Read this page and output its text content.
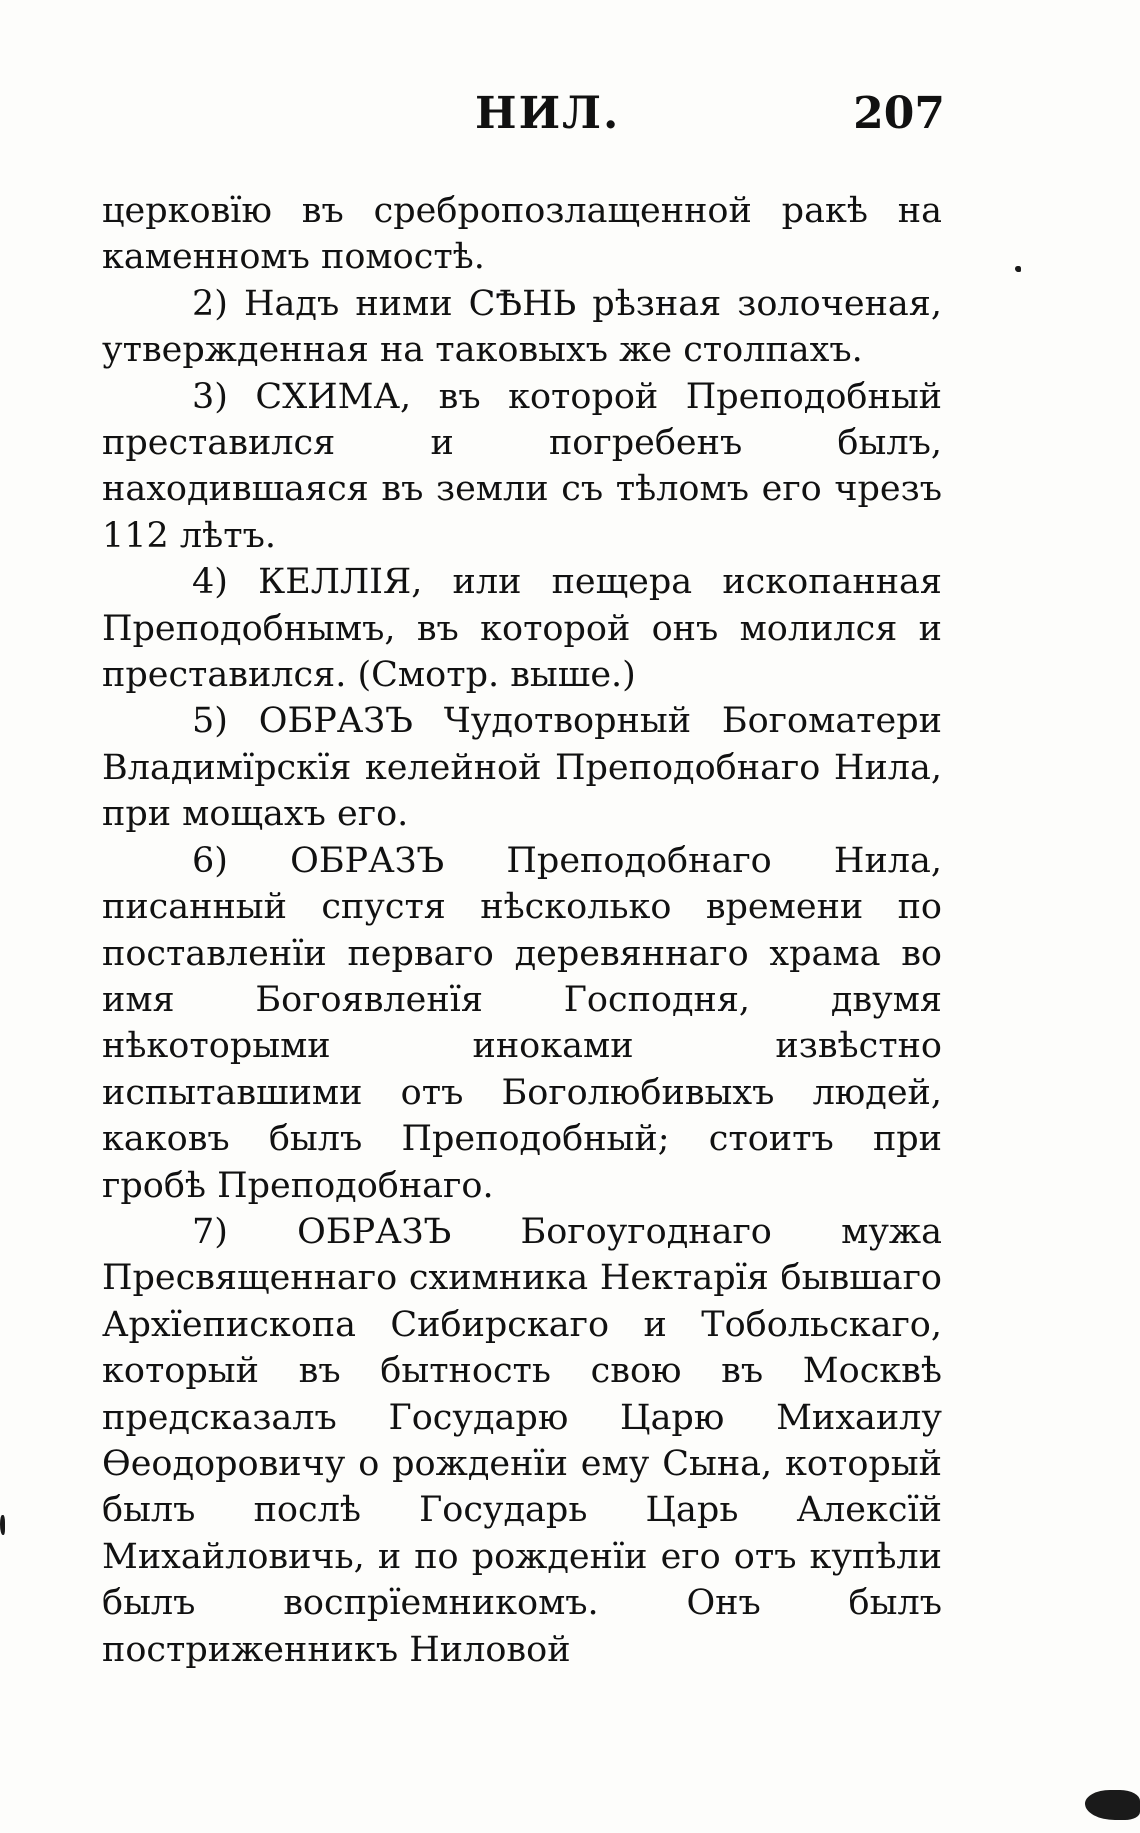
НИЛ.	207

церковïю въ сребропозлащенной ракѣ на каменномъ помостѣ.

2) Надъ ними СѢНЬ рѣзная золоченая, утвержденная на таковыхъ же столпахъ.

3) СХИМА, въ которой Преподобный преставился и погребенъ былъ, находившаяся въ земли съ тѣломъ его чрезъ 112 лѣтъ.

4) КЕЛЛІЯ, или пещера ископанная Преподобнымъ, въ которой онъ молился и преставился. (Смотр. выше.)

5) ОБРАЗЪ Чудотворный Богоматери Владимïрскïя келейной Преподобнаго Нила, при мощахъ его.

6) ОБРАЗЪ Преподобнаго Нила, писанный спустя нѣсколько времени по поставленïи перваго деревяннаго храма во имя Богоявленïя Господня, двумя нѣкоторыми иноками извѣстно испытавшими отъ Боголюбивыхъ людей, каковъ былъ Преподобный; стоитъ при гробѣ Преподобнаго.

7) ОБРАЗЪ Богоугоднаго мужа Пресвященнаго схимника Нектарïя бывшаго Архïепископа Сибирскаго и Тобольскаго, который въ бытность свою въ Москвѣ предсказалъ Государю Царю Михаилу Ѳеодоровичу о рожденïи ему Сына, который былъ послѣ Государь Царь Алексïй Михайловичь, и по рожденïи его отъ купѣли былъ воспрïемникомъ. Онъ былъ постриженникъ Ниловой
